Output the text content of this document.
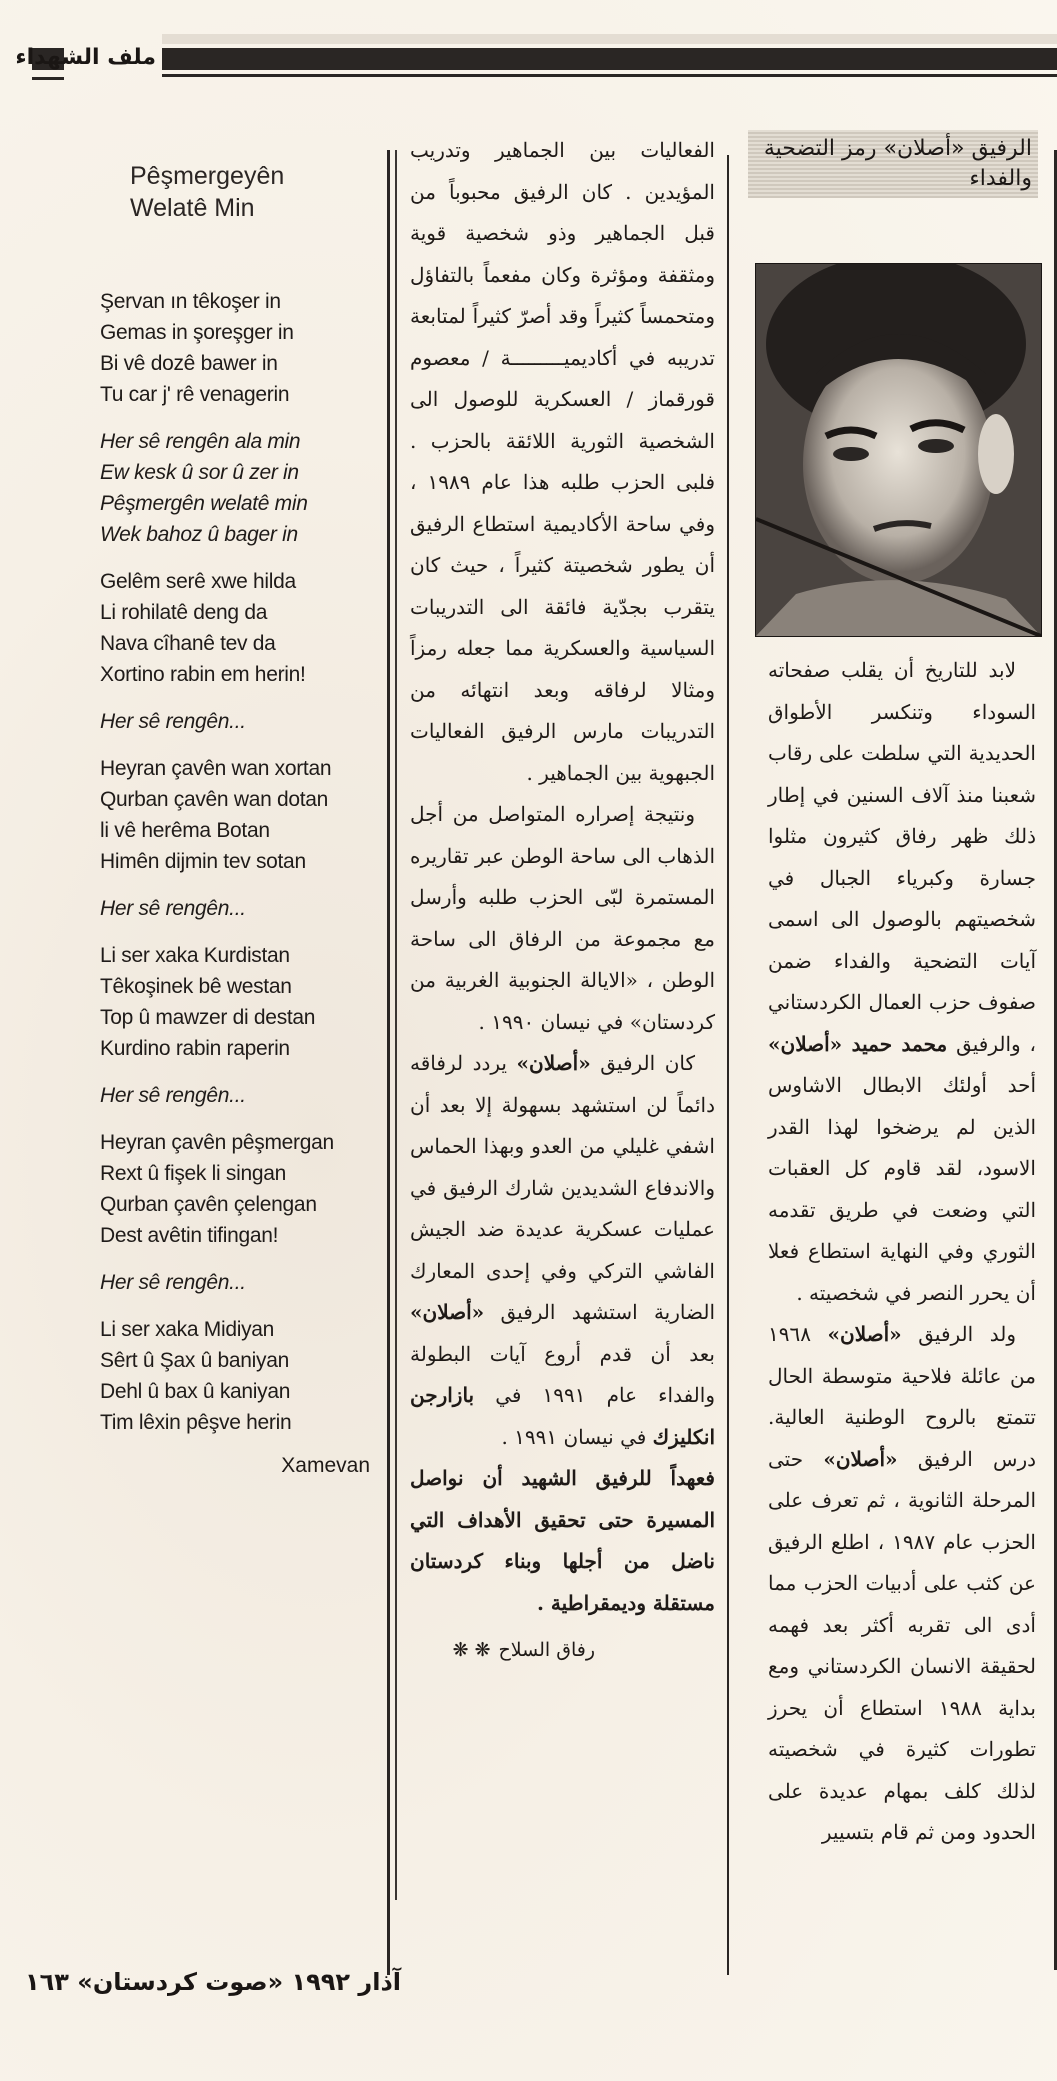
ملف الشهداء
Pêşmergeyên
Welatê Min
Şervan ın têkoşer in
Gemas in şoreşger in
Bi vê dozê bawer in
Tu car j' rê venagerin
Her sê rengên ala min
Ew kesk û sor û zer in
Pêşmergên welatê min
Wek bahoz û bager in
Gelêm serê xwe hilda
Li rohilatê deng da
Nava cîhanê tev da
Xortino rabin em herin!
Her sê rengên...
Heyran çavên wan xortan
Qurban çavên wan dotan
li vê herêma Botan
Himên dijmin tev sotan
Her sê rengên...
Li ser xaka Kurdistan
Têkoşinek bê westan
Top û mawzer di destan
Kurdino rabin raperin
Her sê rengên...
Heyran çavên pêşmergan
Rext û fişek li singan
Qurban çavên çelengan
Dest avêtin tifingan!
Her sê rengên...
Li ser xaka Midiyan
Sêrt û Şax û baniyan
Dehl û bax û kaniyan
Tim lêxin pêşve herin
Xamevan

الفعاليات بين الجماهير وتدريب المؤيدين . كان الرفيق محبوباً من قبل الجماهير وذو شخصية قوية ومثقفة ومؤثرة وكان مفعماً بالتفاؤل ومتحمساً كثيراً وقد أصرّ كثيراً لمتابعة تدريبه في أكاديميـــــــــة / معصوم قورقماز / العسكرية للوصول الى الشخصية الثورية اللائقة بالحزب . فلبى الحزب طلبه هذا عام ١٩٨٩ ، وفي ساحة الأكاديمية استطاع الرفيق أن يطور شخصيتة كثيراً ، حيث كان يتقرب بجدّية فائقة الى التدريبات السياسية والعسكرية مما جعله رمزاً ومثالا لرفاقه وبعد انتهائه من التدريبات مارس الرفيق الفعاليات الجبهوية بين الجماهير .

 ونتيجة إصراره المتواصل من أجل الذهاب الى ساحة الوطن عبر تقاريره المستمرة لبّى الحزب طلبه وأرسل مع مجموعة من الرفاق الى ساحة الوطن ، «الايالة الجنوبية الغربية من كردستان» في نيسان ١٩٩٠ .

 كان الرفيق «أصلان» يردد لرفاقه دائماً لن استشهد بسهولة إلا بعد أن اشفي غليلي من العدو وبهذا الحماس والاندفاع الشديدين شارك الرفيق في عمليات عسكرية عديدة ضد الجيش الفاشي التركي وفي إحدى المعارك الضارية استشهد الرفيق «أصلان» بعد أن قدم أروع آيات البطولة والفداء عام ١٩٩١ في بازارجن انكليزك في نيسان ١٩٩١ .

فعهداً للرفيق الشهيد أن نواصل المسيرة حتى تحقيق الأهداف التي ناضل من أجلها وبناء كردستان مستقلة وديمقراطية .

رفاق السلاح❋ ❋
الرفيق «أصلان» رمز التضحية والفداء

 لابد للتاريخ أن يقلب صفحاته السوداء وتنكسر الأطواق الحديدية التي سلطت على رقاب شعبنا منذ آلاف السنين في إطار ذلك ظهر رفاق كثيرون مثلوا جسارة وكبرياء الجبال في شخصيتهم بالوصول الى اسمى آيات التضحية والفداء ضمن صفوف حزب العمال الكردستاني ، والرفيق محمد حميد «أصلان» أحد أولئك الابطال الاشاوس الذين لم يرضخوا لهذا القدر الاسود، لقد قاوم كل العقبات التي وضعت في طريق تقدمه الثوري وفي النهاية استطاع فعلا أن يحرر النصر في شخصيته .

 ولد الرفيق «أصلان» ١٩٦٨ من عائلة فلاحية متوسطة الحال تتمتع بالروح الوطنية العالية. درس الرفيق «أصلان» حتى المرحلة الثانوية ، ثم تعرف على الحزب عام ١٩٨٧ ، اطلع الرفيق عن كثب على أدبيات الحزب مما أدى الى تقربه أكثر بعد فهمه لحقيقة الانسان الكردستاني ومع بداية ١٩٨٨ استطاع أن يحرز تطورات كثيرة في شخصيته لذلك كلف بمهام عديدة على الحدود ومن ثم قام بتسيير

آذار ١٩٩٢ «صوت كردستان» ١٦٣
